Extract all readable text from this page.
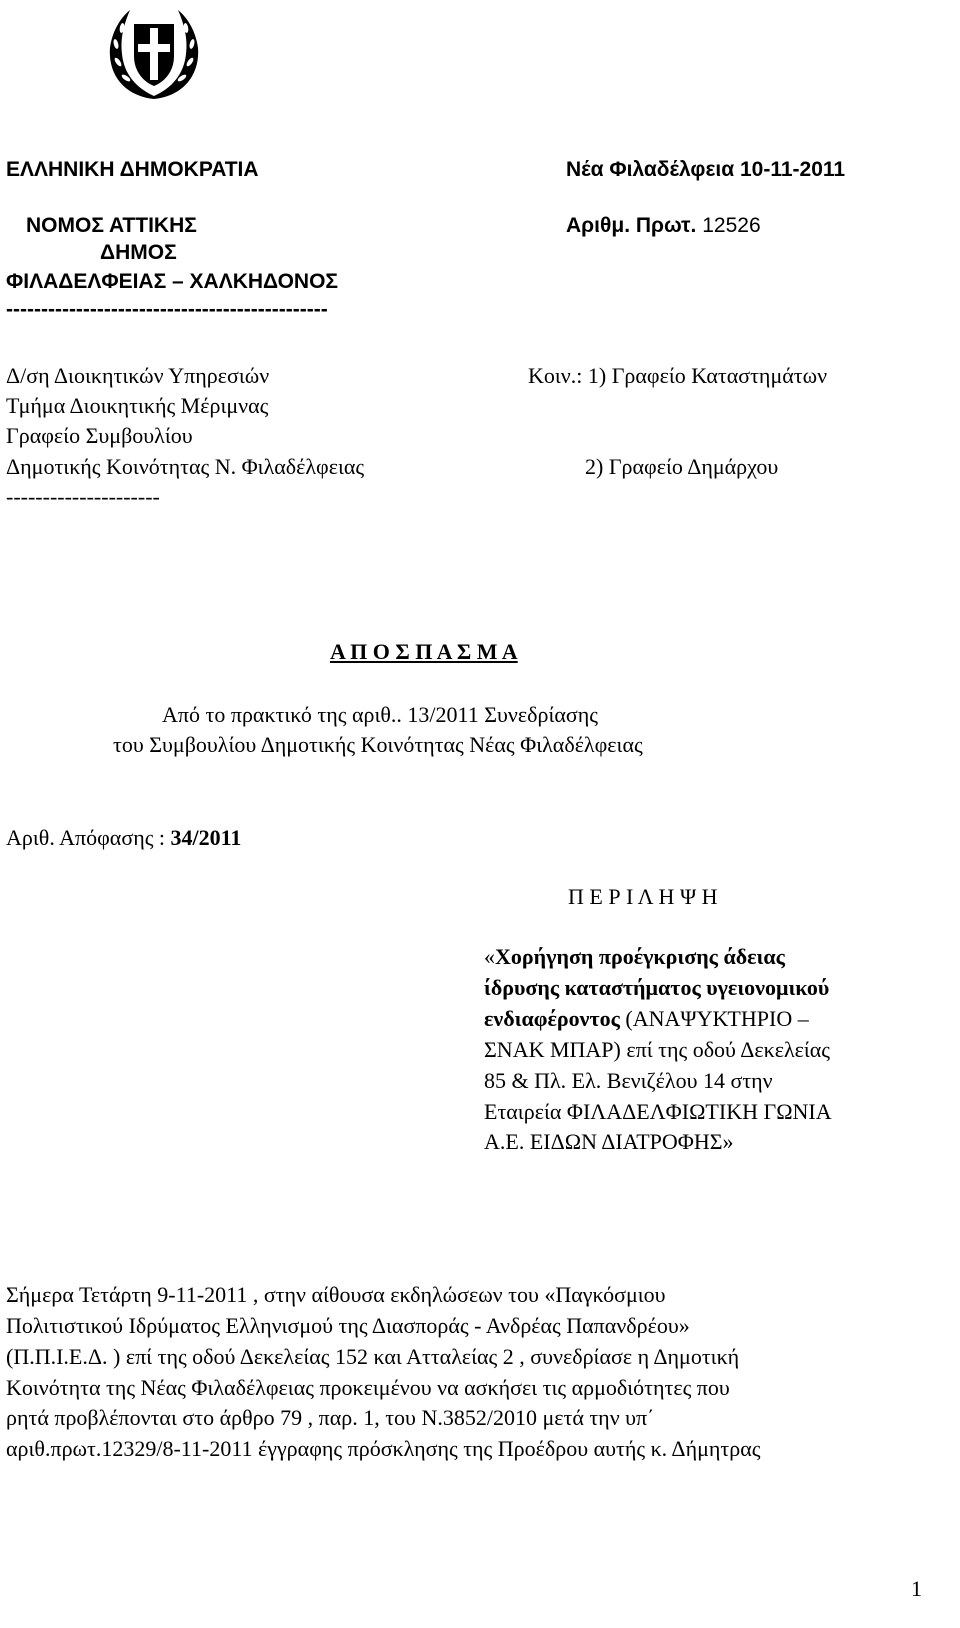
ΕΛΛΗΝΙΚΗ ΔΗΜΟΚΡΑΤΙΑ
ΝΟΜΟΣ ΑΤΤΙΚΗΣ
ΔΗΜΟΣ
ΦΙΛΑΔΕΛΦΕΙΑΣ – ΧΑΛΚΗΔΟΝΟΣ
----------------------------------------------
Νέα Φιλαδέλφεια 10-11-2011
Αριθμ. Πρωτ. 12526
Δ/ση Διοικητικών Υπηρεσιών
Τμήμα Διοικητικής Μέριμνας
Γραφείο Συμβουλίου
Δημοτικής Κοινότητας Ν. Φιλαδέλφειας
---------------------
Κοιν.: 1) Γραφείο Καταστημάτων
2) Γραφείο Δημάρχου
Α Π Ο Σ Π Α Σ Μ Α
Από το πρακτικό της αριθ.. 13/2011 Συνεδρίασης
του Συμβουλίου Δημοτικής Κοινότητας Νέας Φιλαδέλφειας
Αριθ. Απόφασης : 34/2011
Π Ε Ρ Ι Λ Η Ψ Η
«Χορήγηση προέγκρισης άδειας
ίδρυσης καταστήματος υγειονομικού
ενδιαφέροντος (ΑΝΑΨΥΚΤΗΡΙΟ –
ΣΝΑΚ ΜΠΑΡ) επί της οδού Δεκελείας
85 & Πλ. Ελ. Βενιζέλου 14 στην
Εταιρεία ΦΙΛΑΔΕΛΦΙΩΤΙΚΗ ΓΩΝΙΑ
Α.Ε. ΕΙΔΩΝ ΔΙΑΤΡΟΦΗΣ»
Σήμερα Τετάρτη 9-11-2011 , στην αίθουσα εκδηλώσεων του «Παγκόσμιου
Πολιτιστικού Ιδρύματος Ελληνισμού της Διασποράς - Ανδρέας Παπανδρέου»
(Π.Π.Ι.Ε.Δ. ) επί της οδού Δεκελείας 152 και Ατταλείας 2 , συνεδρίασε η Δημοτική
Κοινότητα της Νέας Φιλαδέλφειας προκειμένου να ασκήσει τις αρμοδιότητες που
ρητά προβλέπονται στο άρθρο 79 , παρ. 1, του Ν.3852/2010 μετά την υπ΄
αριθ.πρωτ.12329/8-11-2011 έγγραφης πρόσκλησης της Προέδρου αυτής κ. Δήμητρας
1
